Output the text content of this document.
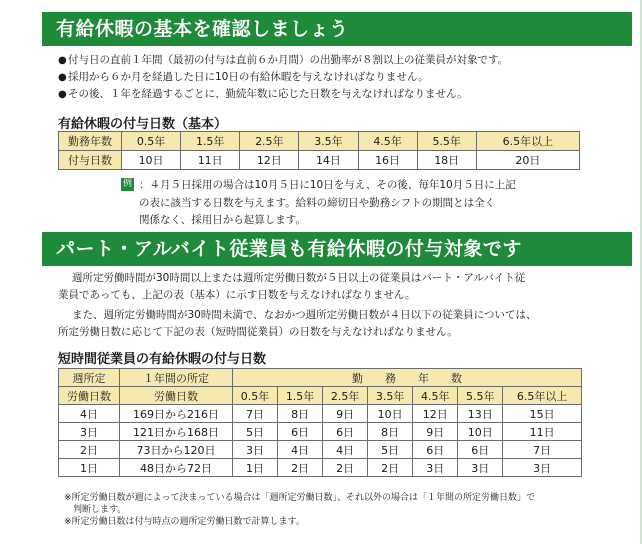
有給休暇の基本を確認しましょう
●付与日の直前１年間（最初の付与は直前６か月間）の出勤率が８割以上の従業員が対象です。
●採用から６か月を経過した日に10日の有給休暇を与えなければなりません。
●その後、１年を経過するごとに、勤続年数に応じた日数を与えなければなりません。
有給休暇の付与日数（基本）
勤務年数	0.5年	1.5年	2.5年	3.5年	4.5年	5.5年	6.5年以上
付与日数	10日	11日	12日	14日	16日	18日	20日
例 ：４月５日採用の場合は10月５日に10日を与え、その後、毎年10月５日に上記

の表に該当する日数を与えます。給料の締切日や勤務シフトの期間とは全く

関係なく、採用日から起算します。

パート・アルバイト従業員も有給休暇の付与対象です
週所定労働時間が30時間以上または週所定労働日数が５日以上の従業員はパート・アルバイト従
業員であっても、上記の表（基本）に示す日数を与えなければなりません。
また、週所定労働時間が30時間未満で、なおかつ週所定労働日数が４日以下の従業員については、
所定労働日数に応じて下記の表（短時間従業員）の日数を与えなければなりません。
短時間従業員の有給休暇の付与日数
週所定	１年間の所定	勤　　務　　年　　数						
労働日数	労働日数	0.5年	1.5年	2.5年	3.5年	4.5年	5.5年	6.5年以上
4日	169日から216日	7日	8日	9日	10日	12日	13日	15日
3日	121日から168日	5日	6日	6日	8日	9日	10日	11日
2日	73日から120日	3日	4日	4日	5日	6日	6日	7日
1日	48日から72日	1日	2日	2日	2日	3日	3日	3日

※所定労働日数が週によって決まっている場合は「週所定労働日数」、それ以外の場合は「１年間の所定労働日数」で

　判断します。

※所定労働日数は付与時点の週所定労働日数で計算します。
